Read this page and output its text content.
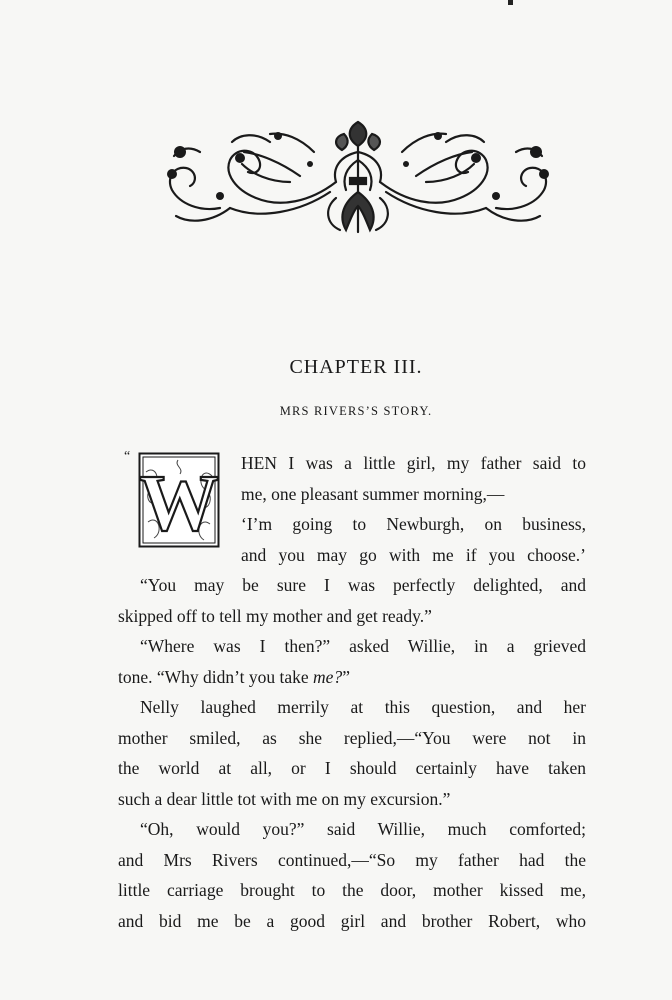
CHAPTER III.
MRS RIVERS’S STORY.
“
W HEN I was a little girl, my father said to
me, one pleasant summer morning,—
‘I’m going to Newburgh, on business,
and you may go with me if you choose.’
“You may be sure I was perfectly delighted, and
skipped off to tell my mother and get ready.”
“Where was I then?” asked Willie, in a grieved
tone. “Why didn’t you take me?”
Nelly laughed merrily at this question, and her
mother smiled, as she replied,—“You were not in
the world at all, or I should certainly have taken
such a dear little tot with me on my excursion.”
“Oh, would you?” said Willie, much comforted;
and Mrs Rivers continued,—“So my father had the
little carriage brought to the door, mother kissed me,
and bid me be a good girl and brother Robert, who
